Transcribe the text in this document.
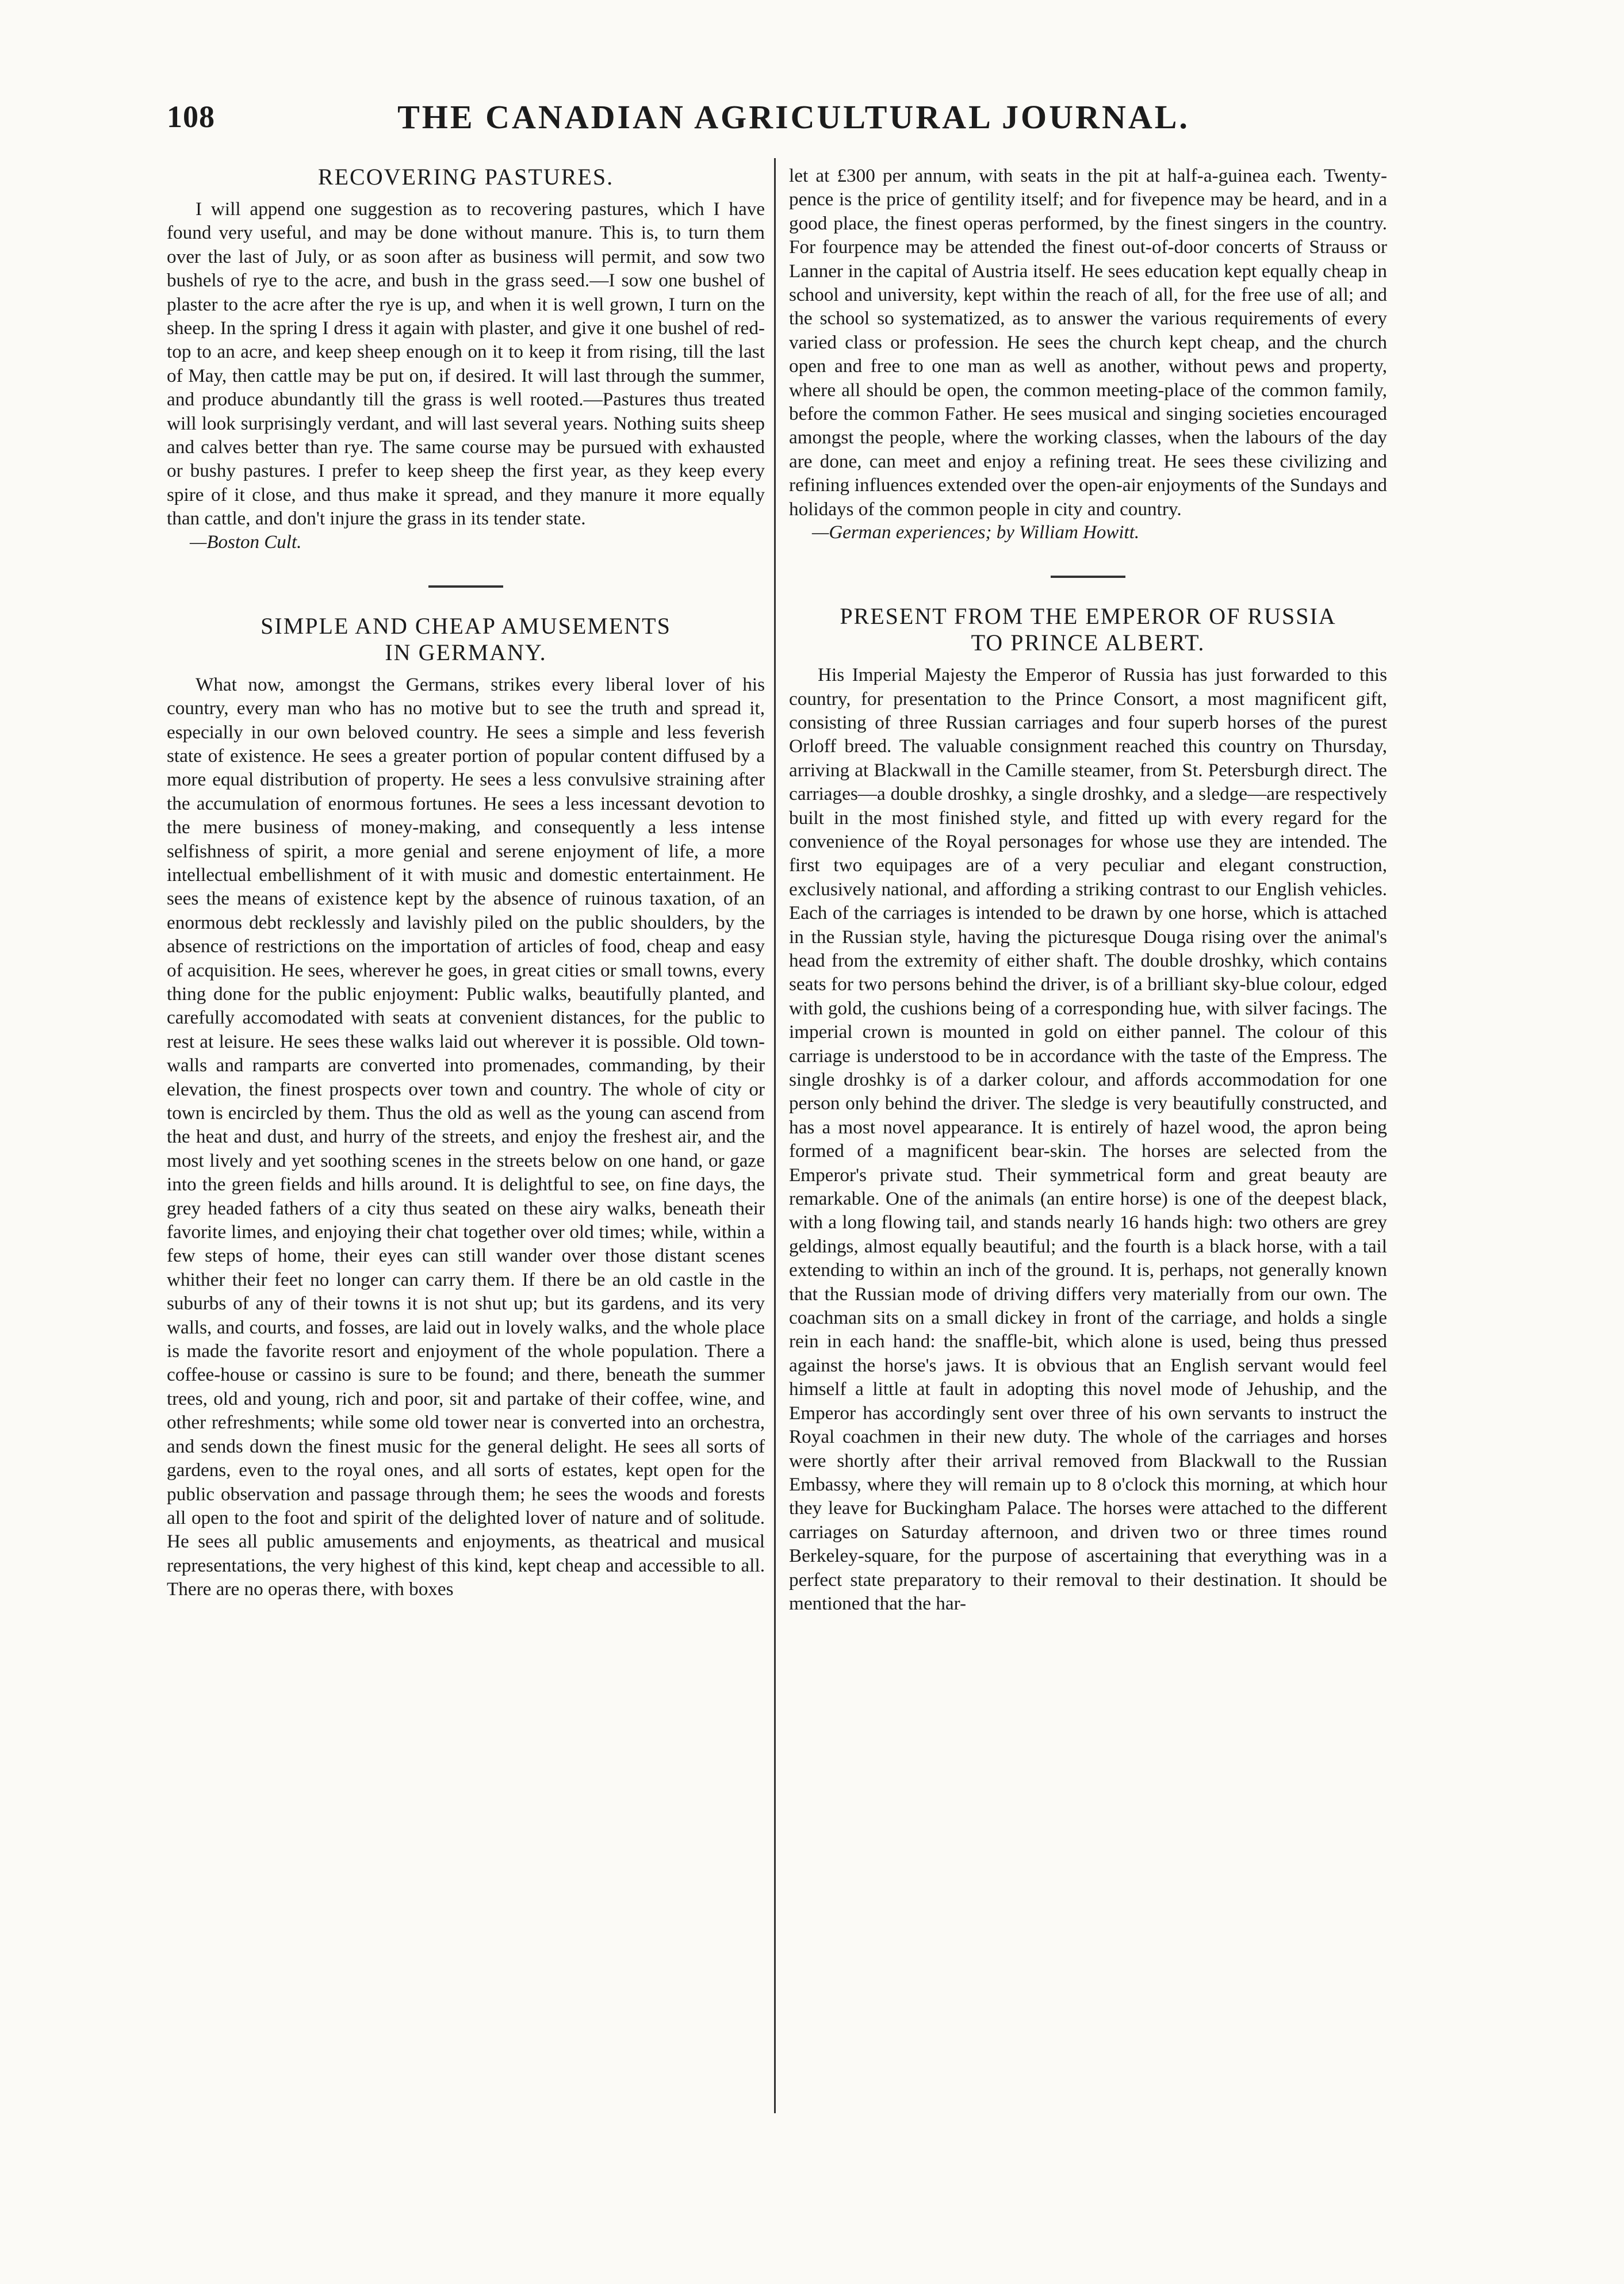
108	THE CANADIAN AGRICULTURAL JOURNAL.
RECOVERING PASTURES.

I will append one suggestion as to recovering pastures, which I have found very useful, and may be done without manure. This is, to turn them over the last of July, or as soon after as business will permit, and sow two bushels of rye to the acre, and bush in the grass seed.—I sow one bushel of plaster to the acre after the rye is up, and when it is well grown, I turn on the sheep. In the spring I dress it again with plaster, and give it one bushel of red-top to an acre, and keep sheep enough on it to keep it from rising, till the last of May, then cattle may be put on, if desired. It will last through the summer, and produce abundantly till the grass is well rooted.—Pastures thus treated will look surprisingly verdant, and will last several years. Nothing suits sheep and calves better than rye. The same course may be pursued with exhausted or bushy pastures. I prefer to keep sheep the first year, as they keep every spire of it close, and thus make it spread, and they manure it more equally than cattle, and don't injure the grass in its tender state.

—Boston Cult.

SIMPLE AND CHEAP AMUSEMENTS
IN GERMANY.

What now, amongst the Germans, strikes every liberal lover of his country, every man who has no motive but to see the truth and spread it, especially in our own beloved country. He sees a simple and less feverish state of existence. He sees a greater portion of popular content diffused by a more equal distribution of property. He sees a less convulsive straining after the accumulation of enormous fortunes. He sees a less incessant devotion to the mere business of money-making, and consequently a less intense selfishness of spirit, a more genial and serene enjoyment of life, a more intellectual embellishment of it with music and domestic entertainment. He sees the means of existence kept by the absence of ruinous taxation, of an enormous debt recklessly and lavishly piled on the public shoulders, by the absence of restrictions on the importation of articles of food, cheap and easy of acquisition. He sees, wherever he goes, in great cities or small towns, every thing done for the public enjoyment: Public walks, beautifully planted, and carefully accomodated with seats at convenient distances, for the public to rest at leisure. He sees these walks laid out wherever it is possible. Old town-walls and ramparts are converted into promenades, commanding, by their elevation, the finest prospects over town and country. The whole of city or town is encircled by them. Thus the old as well as the young can ascend from the heat and dust, and hurry of the streets, and enjoy the freshest air, and the most lively and yet soothing scenes in the streets below on one hand, or gaze into the green fields and hills around. It is delightful to see, on fine days, the grey headed fathers of a city thus seated on these airy walks, beneath their favorite limes, and enjoying their chat together over old times; while, within a few steps of home, their eyes can still wander over those distant scenes whither their feet no longer can carry them. If there be an old castle in the suburbs of any of their towns it is not shut up; but its gardens, and its very walls, and courts, and fosses, are laid out in lovely walks, and the whole place is made the favorite resort and enjoyment of the whole population. There a coffee-house or cassino is sure to be found; and there, beneath the summer trees, old and young, rich and poor, sit and partake of their coffee, wine, and other refreshments; while some old tower near is converted into an orchestra, and sends down the finest music for the general delight. He sees all sorts of gardens, even to the royal ones, and all sorts of estates, kept open for the public observation and passage through them; he sees the woods and forests all open to the foot and spirit of the delighted lover of nature and of solitude. He sees all public amusements and enjoyments, as theatrical and musical representations, the very highest of this kind, kept cheap and accessible to all. There are no operas there, with boxes

let at £300 per annum, with seats in the pit at half-a-guinea each. Twenty-pence is the price of gentility itself; and for fivepence may be heard, and in a good place, the finest operas performed, by the finest singers in the country. For fourpence may be attended the finest out-of-door concerts of Strauss or Lanner in the capital of Austria itself. He sees education kept equally cheap in school and university, kept within the reach of all, for the free use of all; and the school so systematized, as to answer the various requirements of every varied class or profession. He sees the church kept cheap, and the church open and free to one man as well as another, without pews and property, where all should be open, the common meeting-place of the common family, before the common Father. He sees musical and singing societies encouraged amongst the people, where the working classes, when the labours of the day are done, can meet and enjoy a refining treat. He sees these civilizing and refining influences extended over the open-air enjoyments of the Sundays and holidays of the common people in city and country.

—German experiences; by William Howitt.

PRESENT FROM THE EMPEROR OF RUSSIA
TO PRINCE ALBERT.

His Imperial Majesty the Emperor of Russia has just forwarded to this country, for presentation to the Prince Consort, a most magnificent gift, consisting of three Russian carriages and four superb horses of the purest Orloff breed. The valuable consignment reached this country on Thursday, arriving at Blackwall in the Camille steamer, from St. Petersburgh direct. The carriages—a double droshky, a single droshky, and a sledge—are respectively built in the most finished style, and fitted up with every regard for the convenience of the Royal personages for whose use they are intended. The first two equipages are of a very peculiar and elegant construction, exclusively national, and affording a striking contrast to our English vehicles. Each of the carriages is intended to be drawn by one horse, which is attached in the Russian style, having the picturesque Douga rising over the animal's head from the extremity of either shaft. The double droshky, which contains seats for two persons behind the driver, is of a brilliant sky-blue colour, edged with gold, the cushions being of a corresponding hue, with silver facings. The imperial crown is mounted in gold on either pannel. The colour of this carriage is understood to be in accordance with the taste of the Empress. The single droshky is of a darker colour, and affords accommodation for one person only behind the driver. The sledge is very beautifully constructed, and has a most novel appearance. It is entirely of hazel wood, the apron being formed of a magnificent bear-skin. The horses are selected from the Emperor's private stud. Their symmetrical form and great beauty are remarkable. One of the animals (an entire horse) is one of the deepest black, with a long flowing tail, and stands nearly 16 hands high: two others are grey geldings, almost equally beautiful; and the fourth is a black horse, with a tail extending to within an inch of the ground. It is, perhaps, not generally known that the Russian mode of driving differs very materially from our own. The coachman sits on a small dickey in front of the carriage, and holds a single rein in each hand: the snaffle-bit, which alone is used, being thus pressed against the horse's jaws. It is obvious that an English servant would feel himself a little at fault in adopting this novel mode of Jehuship, and the Emperor has accordingly sent over three of his own servants to instruct the Royal coachmen in their new duty. The whole of the carriages and horses were shortly after their arrival removed from Blackwall to the Russian Embassy, where they will remain up to 8 o'clock this morning, at which hour they leave for Buckingham Palace. The horses were attached to the different carriages on Saturday afternoon, and driven two or three times round Berkeley-square, for the purpose of ascertaining that everything was in a perfect state preparatory to their removal to their destination. It should be mentioned that the har-
